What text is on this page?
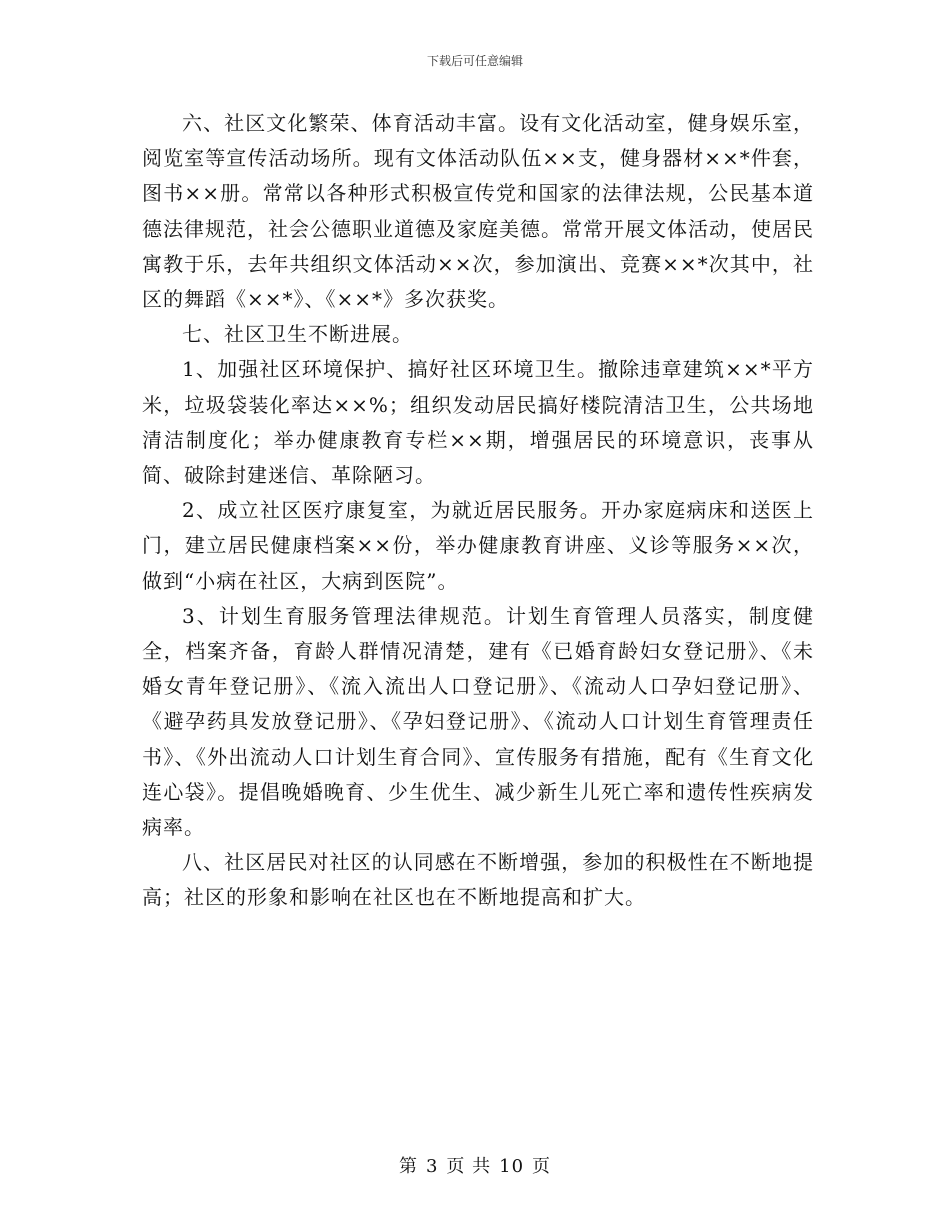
下载后可任意编辑

六、社区文化繁荣、体育活动丰富。设有文化活动室，健身娱乐室，阅览室等宣传活动场所。现有文体活动队伍××支，健身器材××*件套，图书××册。常常以各种形式积极宣传党和国家的法律法规，公民基本道德法律规范，社会公德职业道德及家庭美德。常常开展文体活动，使居民寓教于乐，去年共组织文体活动××次，参加演出、竞赛××*次其中，社区的舞蹈《××*》、《××*》多次获奖。

七、社区卫生不断进展。

1、加强社区环境保护、搞好社区环境卫生。撤除违章建筑××*平方米，垃圾袋装化率达××%；组织发动居民搞好楼院清洁卫生，公共场地清洁制度化；举办健康教育专栏××期，增强居民的环境意识，丧事从简、破除封建迷信、革除陋习。

2、成立社区医疗康复室，为就近居民服务。开办家庭病床和送医上门，建立居民健康档案××份，举办健康教育讲座、义诊等服务××次，做到“小病在社区，大病到医院”。

3、计划生育服务管理法律规范。计划生育管理人员落实，制度健全，档案齐备，育龄人群情况清楚，建有《已婚育龄妇女登记册》、《未婚女青年登记册》、《流入流出人口登记册》、《流动人口孕妇登记册》、《避孕药具发放登记册》、《孕妇登记册》、《流动人口计划生育管理责任书》、《外出流动人口计划生育合同》、宣传服务有措施，配有《生育文化连心袋》。提倡晚婚晚育、少生优生、减少新生儿死亡率和遗传性疾病发病率。

八、社区居民对社区的认同感在不断增强，参加的积极性在不断地提高；社区的形象和影响在社区也在不断地提高和扩大。

第 3 页 共 10 页
